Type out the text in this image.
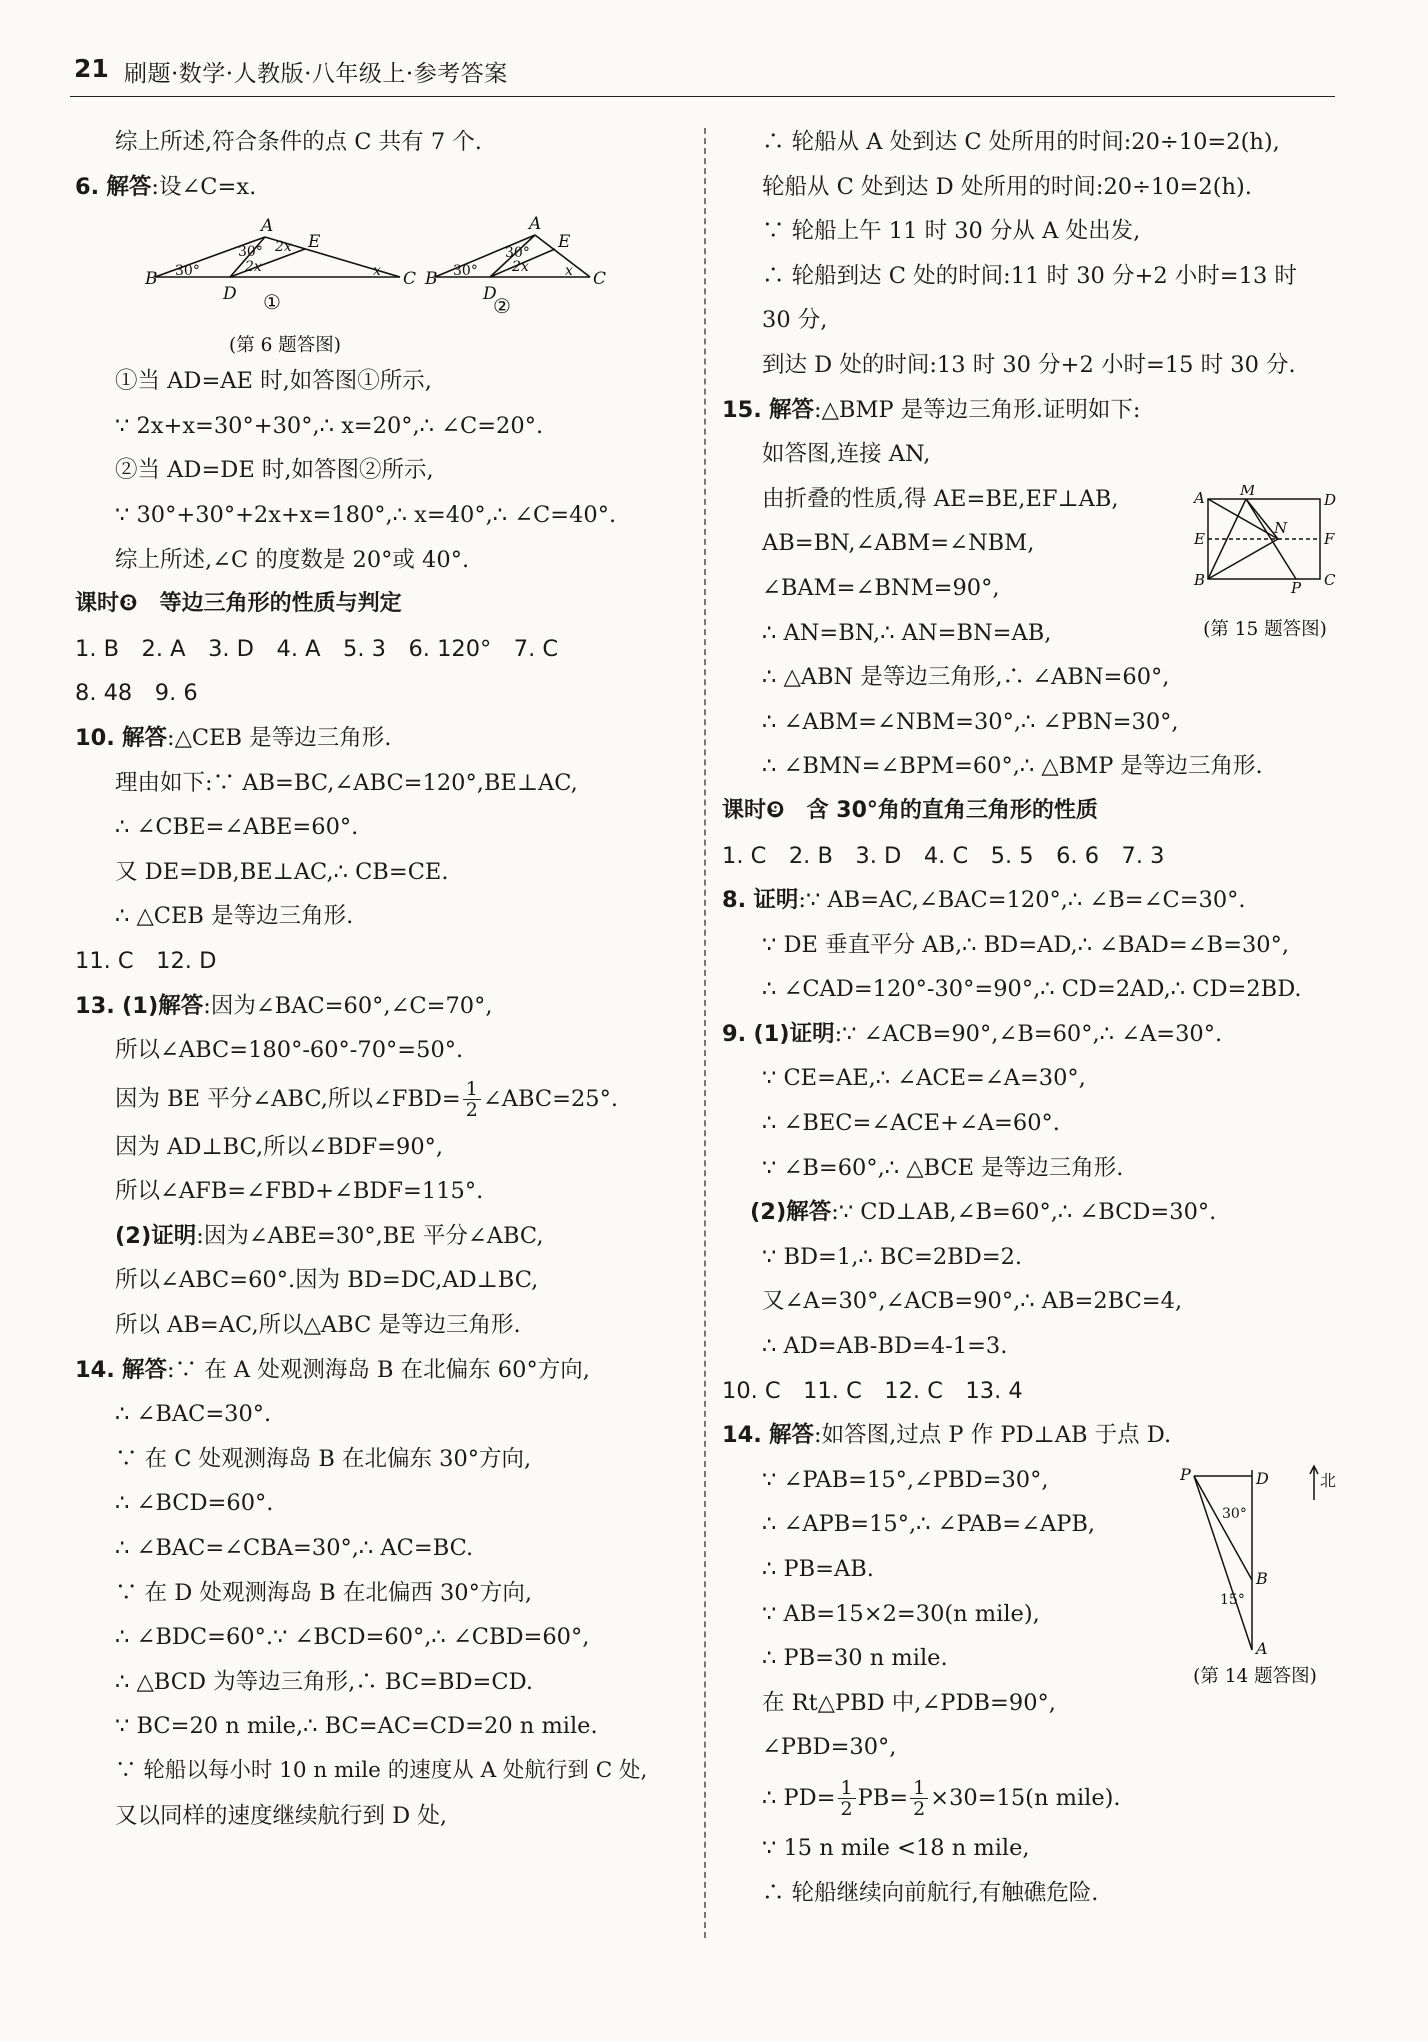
21 刷题·数学·人教版·八年级上·参考答案
综上所述,符合条件的点 C 共有 7 个.
6. 解答:设∠C=x.
B
A
E
D
C
30°
30° 2x
2x	x
①
B
A
E
D
C
30°
30°
2x	x
②
(第 6 题答图)
①当 AD=AE 时,如答图①所示,
∵ 2x+x=30°+30°,∴ x=20°,∴ ∠C=20°.
②当 AD=DE 时,如答图②所示,
∵ 30°+30°+2x+x=180°,∴ x=40°,∴ ∠C=40°.
综上所述,∠C 的度数是 20°或 40°.
课时❽　等边三角形的性质与判定
1. B　2. A　3. D　4. A　5. 3　6. 120°　7. C
8. 48　9. 6
10. 解答:△CEB 是等边三角形.
理由如下:∵ AB=BC,∠ABC=120°,BE⊥AC,
∴ ∠CBE=∠ABE=60°.
又 DE=DB,BE⊥AC,∴ CB=CE.
∴ △CEB 是等边三角形.
11. C　12. D
13. (1)解答:因为∠BAC=60°,∠C=70°,
所以∠ABC=180°-60°-70°=50°.
因为 BE 平分∠ABC,所以∠FBD= $\frac{1}{2}$ ∠ABC=25°.
因为 AD⊥BC,所以∠BDF=90°,
所以∠AFB=∠FBD+∠BDF=115°.
(2)证明:因为∠ABE=30°,BE 平分∠ABC,
所以∠ABC=60°.因为 BD=DC,AD⊥BC,
所以 AB=AC,所以△ABC 是等边三角形.
14. 解答:∵ 在 A 处观测海岛 B 在北偏东 60°方向,
∴ ∠BAC=30°.
∵ 在 C 处观测海岛 B 在北偏东 30°方向,
∴ ∠BCD=60°.
∴ ∠BAC=∠CBA=30°,∴ AC=BC.
∵ 在 D 处观测海岛 B 在北偏西 30°方向,
∴ ∠BDC=60°.∵ ∠BCD=60°,∴ ∠CBD=60°,
∴ △BCD 为等边三角形,∴ BC=BD=CD.
∵ BC=20 n mile,∴ BC=AC=CD=20 n mile.
∵ 轮船以每小时 10 n mile 的速度从 A 处航行到 C 处,
又以同样的速度继续航行到 D 处,
∴ 轮船从 A 处到达 C 处所用的时间:20÷10=2(h),
轮船从 C 处到达 D 处所用的时间:20÷10=2(h).
∵ 轮船上午 11 时 30 分从 A 处出发,
∴ 轮船到达 C 处的时间:11 时 30 分+2 小时=13 时
30 分,
到达 D 处的时间:13 时 30 分+2 小时=15 时 30 分.
15. 解答:△BMP 是等边三角形.证明如下:
如答图,连接 AN,
由折叠的性质,得 AE=BE,EF⊥AB,
AB=BN,∠ABM=∠NBM,
∠BAM=∠BNM=90°,
∴ AN=BN,∴ AN=BN=AB,
∴ △ABN 是等边三角形,∴ ∠ABN=60°,
∴ ∠ABM=∠NBM=30°,∴ ∠PBN=30°,
∴ ∠BMN=∠BPM=60°,∴ △BMP 是等边三角形.
课时❾　含 30°角的直角三角形的性质
1. C　2. B　3. D　4. C　5. 5　6. 6　7. 3
8. 证明:∵ AB=AC,∠BAC=120°,∴ ∠B=∠C=30°.
∵ DE 垂直平分 AB,∴ BD=AD,∴ ∠BAD=∠B=30°,
∴ ∠CAD=120°-30°=90°,∴ CD=2AD,∴ CD=2BD.
9. (1)证明:∵ ∠ACB=90°,∠B=60°,∴ ∠A=30°.
∵ CE=AE,∴ ∠ACE=∠A=30°,
∴ ∠BEC=∠ACE+∠A=60°.
∵ ∠B=60°,∴ △BCE 是等边三角形.
(2)解答:∵ CD⊥AB,∠B=60°,∴ ∠BCD=30°.
∵ BD=1,∴ BC=2BD=2.
又∠A=30°,∠ACB=90°,∴ AB=2BC=4,
∴ AD=AB-BD=4-1=3.
10. C　11. C　12. C　13. 4
14. 解答:如答图,过点 P 作 PD⊥AB 于点 D.
∵ ∠PAB=15°,∠PBD=30°,
∴ ∠APB=15°,∴ ∠PAB=∠APB,
∴ PB=AB.
∵ AB=15×2=30(n mile),
∴ PB=30 n mile.
在 Rt△PBD 中,∠PDB=90°,
∠PBD=30°,
∴ $PD= \frac{1}{2} PB= \frac{1}{2} \times 30=15(n$ mile).
∵ 15 n mile <18 n mile,
∴ 轮船继续向前航行,有触礁危险.
A M
D
E
N
F
B	P C
(第 15 题答图)
P	D
B
A
北
30°
15°
(第 14 题答图)
